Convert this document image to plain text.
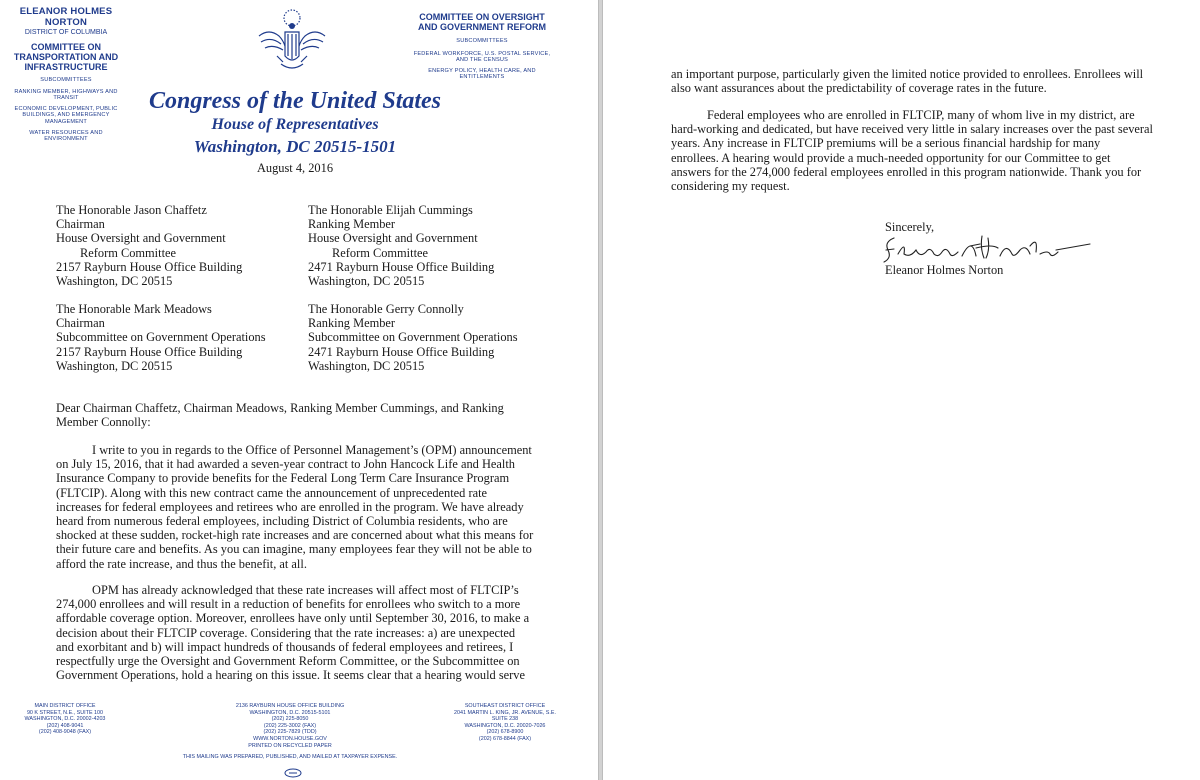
ELEANOR HOLMES NORTON
DISTRICT OF COLUMBIA
COMMITTEE ON
TRANSPORTATION AND
INFRASTRUCTURE
SUBCOMMITTEES
RANKING MEMBER, HIGHWAYS AND
TRANSIT
ECONOMIC DEVELOPMENT, PUBLIC
BUILDINGS, AND EMERGENCY
MANAGEMENT
WATER RESOURCES AND
ENVIRONMENT
COMMITTEE ON OVERSIGHT
AND GOVERNMENT REFORM
SUBCOMMITTEES
FEDERAL WORKFORCE, U.S. POSTAL SERVICE,
AND THE CENSUS
ENERGY POLICY, HEALTH CARE, AND
ENTITLEMENTS
Congress of the United States
House of Representatives
Washington, DC 20515-1501
August 4, 2016
The Honorable Jason Chaffetz
Chairman
House Oversight and Government
Reform Committee
2157 Rayburn House Office Building
Washington, DC 20515
The Honorable Elijah Cummings
Ranking Member
House Oversight and Government
Reform Committee
2471 Rayburn House Office Building
Washington, DC 20515
The Honorable Mark Meadows
Chairman
Subcommittee on Government Operations
2157 Rayburn House Office Building
Washington, DC 20515
The Honorable Gerry Connolly
Ranking Member
Subcommittee on Government Operations
2471 Rayburn House Office Building
Washington, DC 20515
Dear Chairman Chaffetz, Chairman Meadows, Ranking Member Cummings, and Ranking
Member Connolly:
I write to you in regards to the Office of Personnel Management’s (OPM) announcement
on July 15, 2016, that it had awarded a seven-year contract to John Hancock Life and Health
Insurance Company to provide benefits for the Federal Long Term Care Insurance Program
(FLTCIP). Along with this new contract came the announcement of unprecedented rate
increases for federal employees and retirees who are enrolled in the program. We have already
heard from numerous federal employees, including District of Columbia residents, who are
shocked at these sudden, rocket-high rate increases and are concerned about what this means for
their future care and benefits. As you can imagine, many employees fear they will not be able to
afford the rate increase, and thus the benefit, at all.
OPM has already acknowledged that these rate increases will affect most of FLTCIP’s
274,000 enrollees and will result in a reduction of benefits for enrollees who switch to a more
affordable coverage option. Moreover, enrollees have only until September 30, 2016, to make a
decision about their FLTCIP coverage. Considering that the rate increases: a) are unexpected
and exorbitant and b) will impact hundreds of thousands of federal employees and retirees, I
respectfully urge the Oversight and Government Reform Committee, or the Subcommittee on
Government Operations, hold a hearing on this issue. It seems clear that a hearing would serve
MAIN DISTRICT OFFICE
90 K STREET, N.E., SUITE 100
WASHINGTON, D.C. 20002-4203
(202) 408-9041
(202) 408-9048 (FAX)
2136 RAYBURN HOUSE OFFICE BUILDING
WASHINGTON, D.C. 20515-5101
(202) 225-8050
(202) 225-3002 (FAX)
(202) 225-7829 (TDD)
WWW.NORTON.HOUSE.GOV
PRINTED ON RECYCLED PAPER
SOUTHEAST DISTRICT OFFICE
2041 MARTIN L. KING, JR. AVENUE, S.E.
SUITE 238
WASHINGTON, D.C. 20020-7026
(202) 678-8900
(202) 678-8844 (FAX)
THIS MAILING WAS PREPARED, PUBLISHED, AND MAILED AT TAXPAYER EXPENSE.
an important purpose, particularly given the limited notice provided to enrollees. Enrollees will
also want assurances about the predictability of coverage rates in the future.
Federal employees who are enrolled in FLTCIP, many of whom live in my district, are
hard-working and dedicated, but have received very little in salary increases over the past several
years. Any increase in FLTCIP premiums will be a serious financial hardship for many
enrollees. A hearing would provide a much-needed opportunity for our Committee to get
answers for the 274,000 federal employees enrolled in this program nationwide. Thank you for
considering my request.
Sincerely,
Eleanor Holmes Norton
